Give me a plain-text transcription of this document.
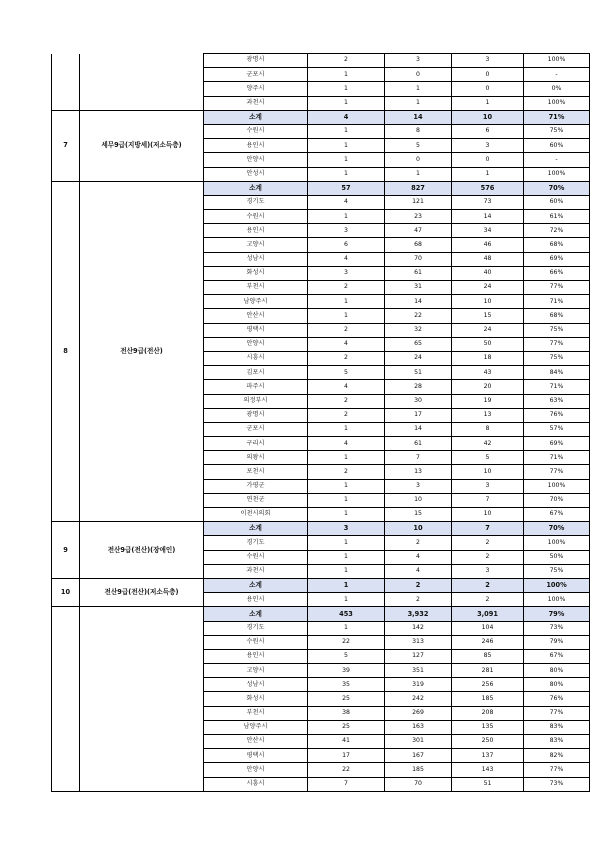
		광명시	2	3	3	100%
		군포시	1	0	0	-
		양주시	1	1	0	0%
		과천시	1	1	1	100%
7	세무9급(지방세)(저소득층)	소계	4	14	10	71%
		수원시	1	8	6	75%
		용인시	1	5	3	60%
		안양시	1	0	0	-
		안성시	1	1	1	100%
8	전산9급(전산)	소계	57	827	576	70%
		경기도	4	121	73	60%
		수원시	1	23	14	61%
		용인시	3	47	34	72%
		고양시	6	68	46	68%
		성남시	4	70	48	69%
		화성시	3	61	40	66%
		부천시	2	31	24	77%
		남양주시	1	14	10	71%
		안산시	1	22	15	68%
		평택시	2	32	24	75%
		안양시	4	65	50	77%
		시흥시	2	24	18	75%
		김포시	5	51	43	84%
		파주시	4	28	20	71%
		의정부시	2	30	19	63%
		광명시	2	17	13	76%
		군포시	1	14	8	57%
		구리시	4	61	42	69%
		의왕시	1	7	5	71%
		포천시	2	13	10	77%
		가평군	1	3	3	100%
		연천군	1	10	7	70%
		이천시의회	1	15	10	67%
9	전산9급(전산)(장애인)	소계	3	10	7	70%
		경기도	1	2	2	100%
		수원시	1	4	2	50%
		과천시	1	4	3	75%
10	전산9급(전산)(저소득층)	소계	1	2	2	100%
		용인시	1	2	2	100%
		소계	453	3,932	3,091	79%
		경기도	1	142	104	73%
		수원시	22	313	246	79%
		용인시	5	127	85	67%
		고양시	39	351	281	80%
		성남시	35	319	256	80%
		화성시	25	242	185	76%
		부천시	38	269	208	77%
		남양주시	25	163	135	83%
		안산시	41	301	250	83%
		평택시	17	167	137	82%
		안양시	22	185	143	77%
		시흥시	7	70	51	73%
